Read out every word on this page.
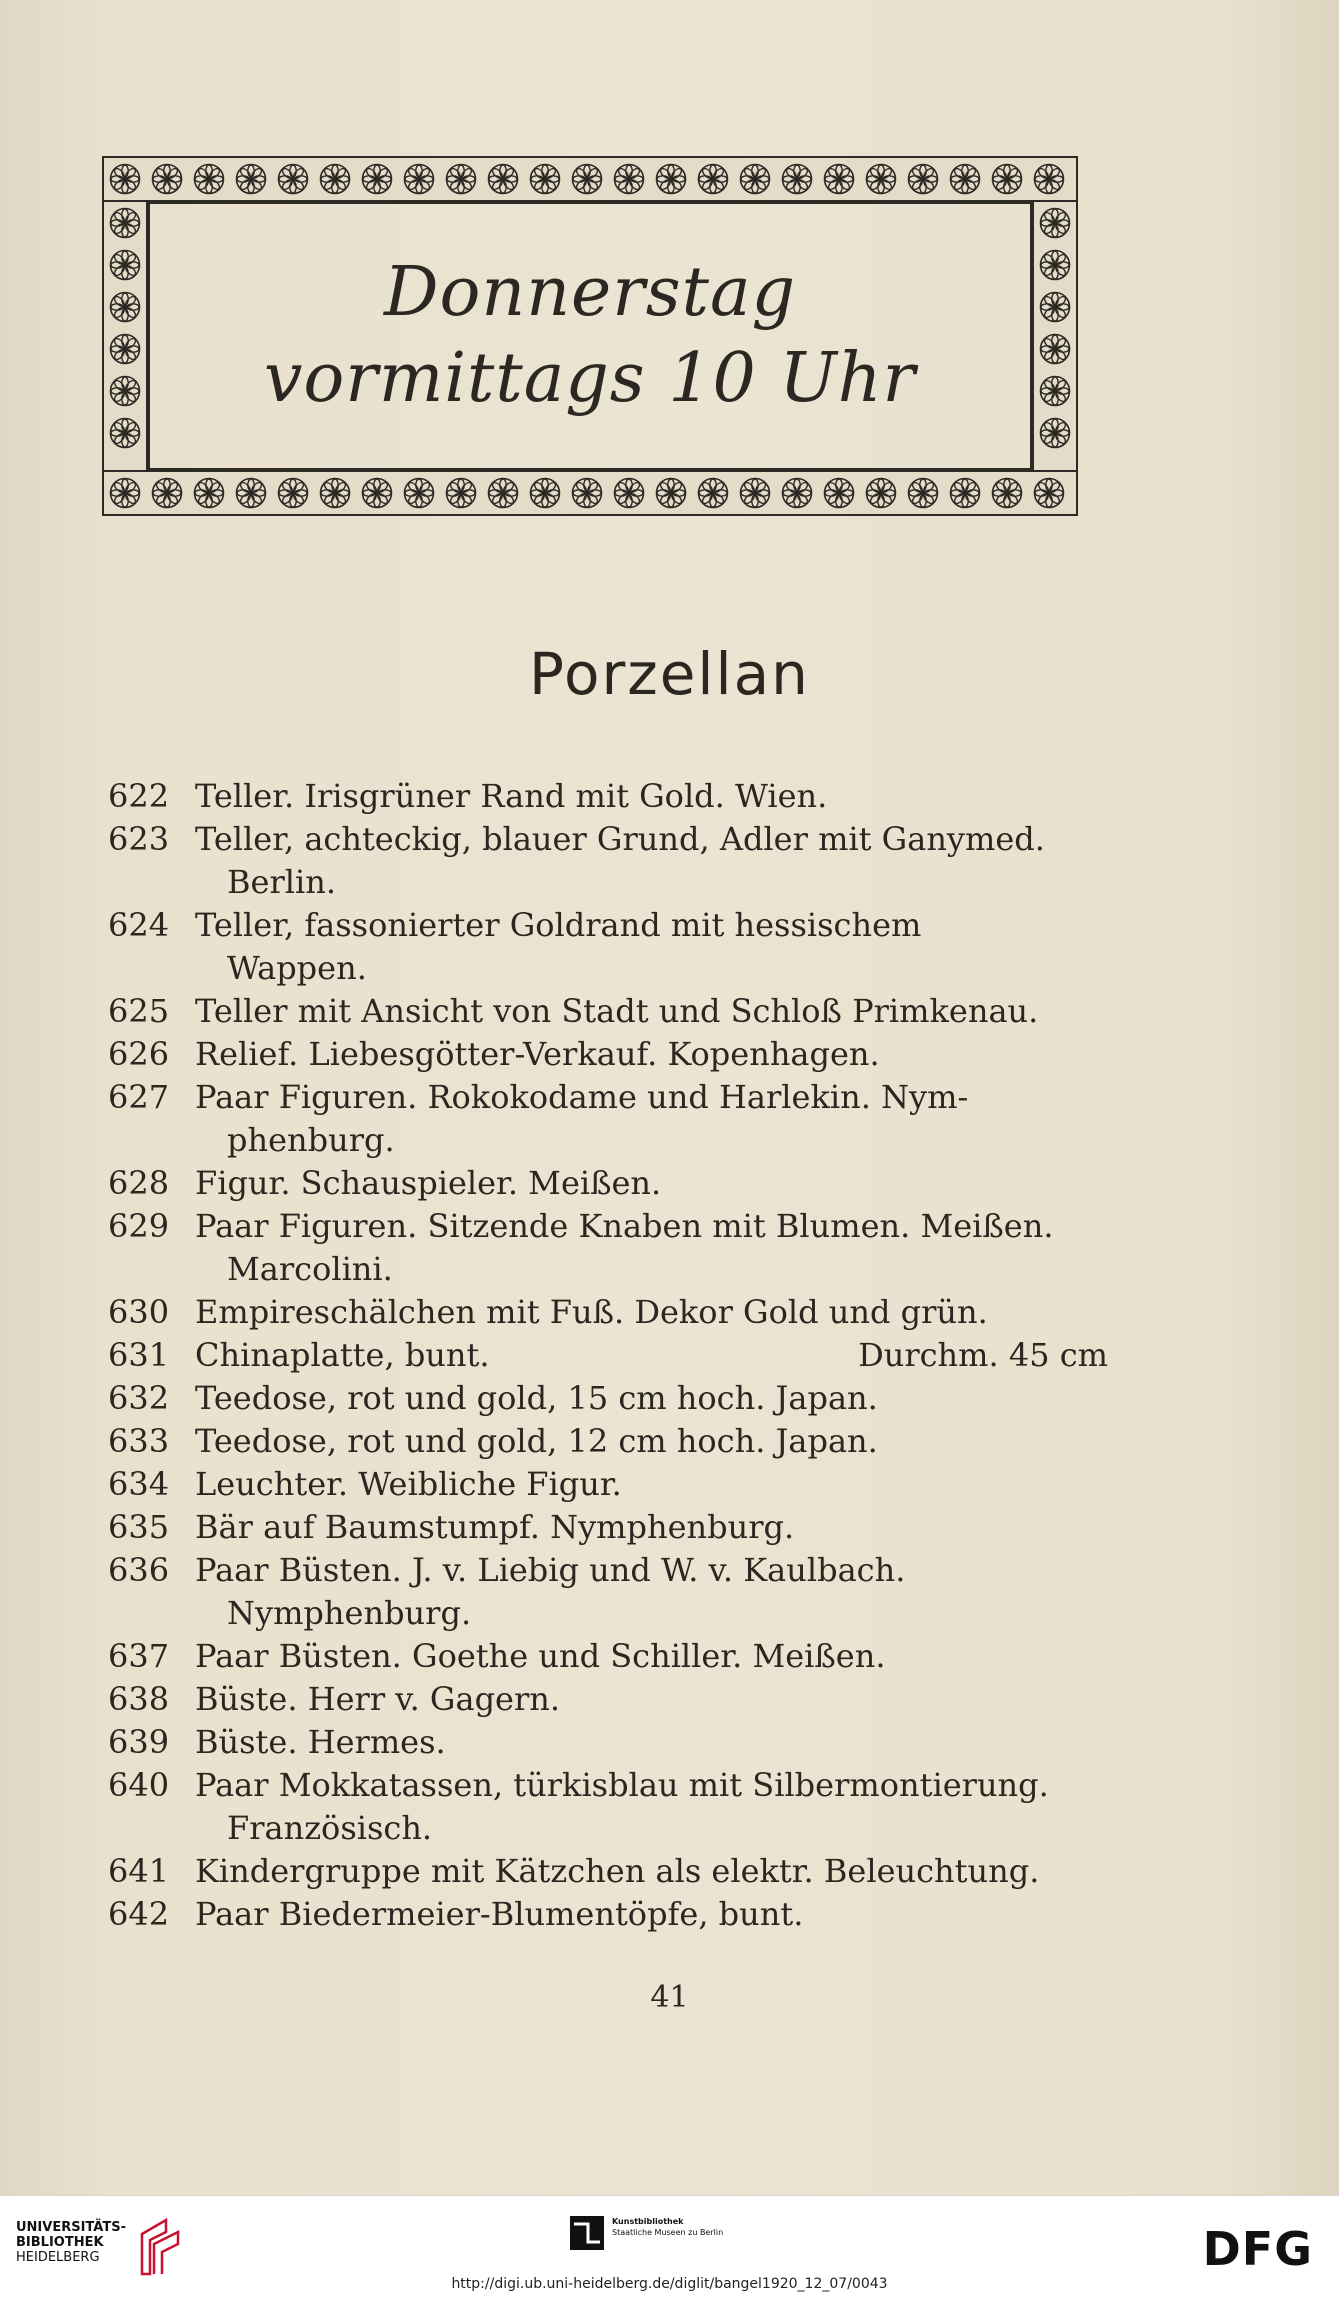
Donnerstag

vormittags 10 Uhr

Porzellan
622 Teller. Irisgrüner Rand mit Gold. Wien.
623 Teller, achteckig, blauer Grund, Adler mit Ganymed.
Berlin.
624 Teller, fassonierter Goldrand mit hessischem
Wappen.
625 Teller mit Ansicht von Stadt und Schloß Primkenau.
626 Relief. Liebesgötter-Verkauf. Kopenhagen.
627 Paar Figuren. Rokokodame und Harlekin. Nym-
phenburg.
628 Figur. Schauspieler. Meißen.
629 Paar Figuren. Sitzende Knaben mit Blumen. Meißen.
Marcolini.
630 Empireschälchen mit Fuß. Dekor Gold und grün.
631 Chinaplatte, bunt.	Durchm. 45 cm
632 Teedose, rot und gold, 15 cm hoch. Japan.
633 Teedose, rot und gold, 12 cm hoch. Japan.
634 Leuchter. Weibliche Figur.
635 Bär auf Baumstumpf. Nymphenburg.
636 Paar Büsten. J. v. Liebig und W. v. Kaulbach.
Nymphenburg.
637 Paar Büsten. Goethe und Schiller. Meißen.
638 Büste. Herr v. Gagern.
639 Büste. Hermes.
640 Paar Mokkatassen, türkisblau mit Silbermontierung.
Französisch.
641 Kindergruppe mit Kätzchen als elektr. Beleuchtung.
642 Paar Biedermeier-Blumentöpfe, bunt.
41
UNIVERSITÄTS-
BIBLIOTHEK
HEIDELBERG
Kunstbibliothek
Staatliche Museen zu Berlin	DFG
http://digi.ub.uni-heidelberg.de/diglit/bangel1920_12_07/0043
